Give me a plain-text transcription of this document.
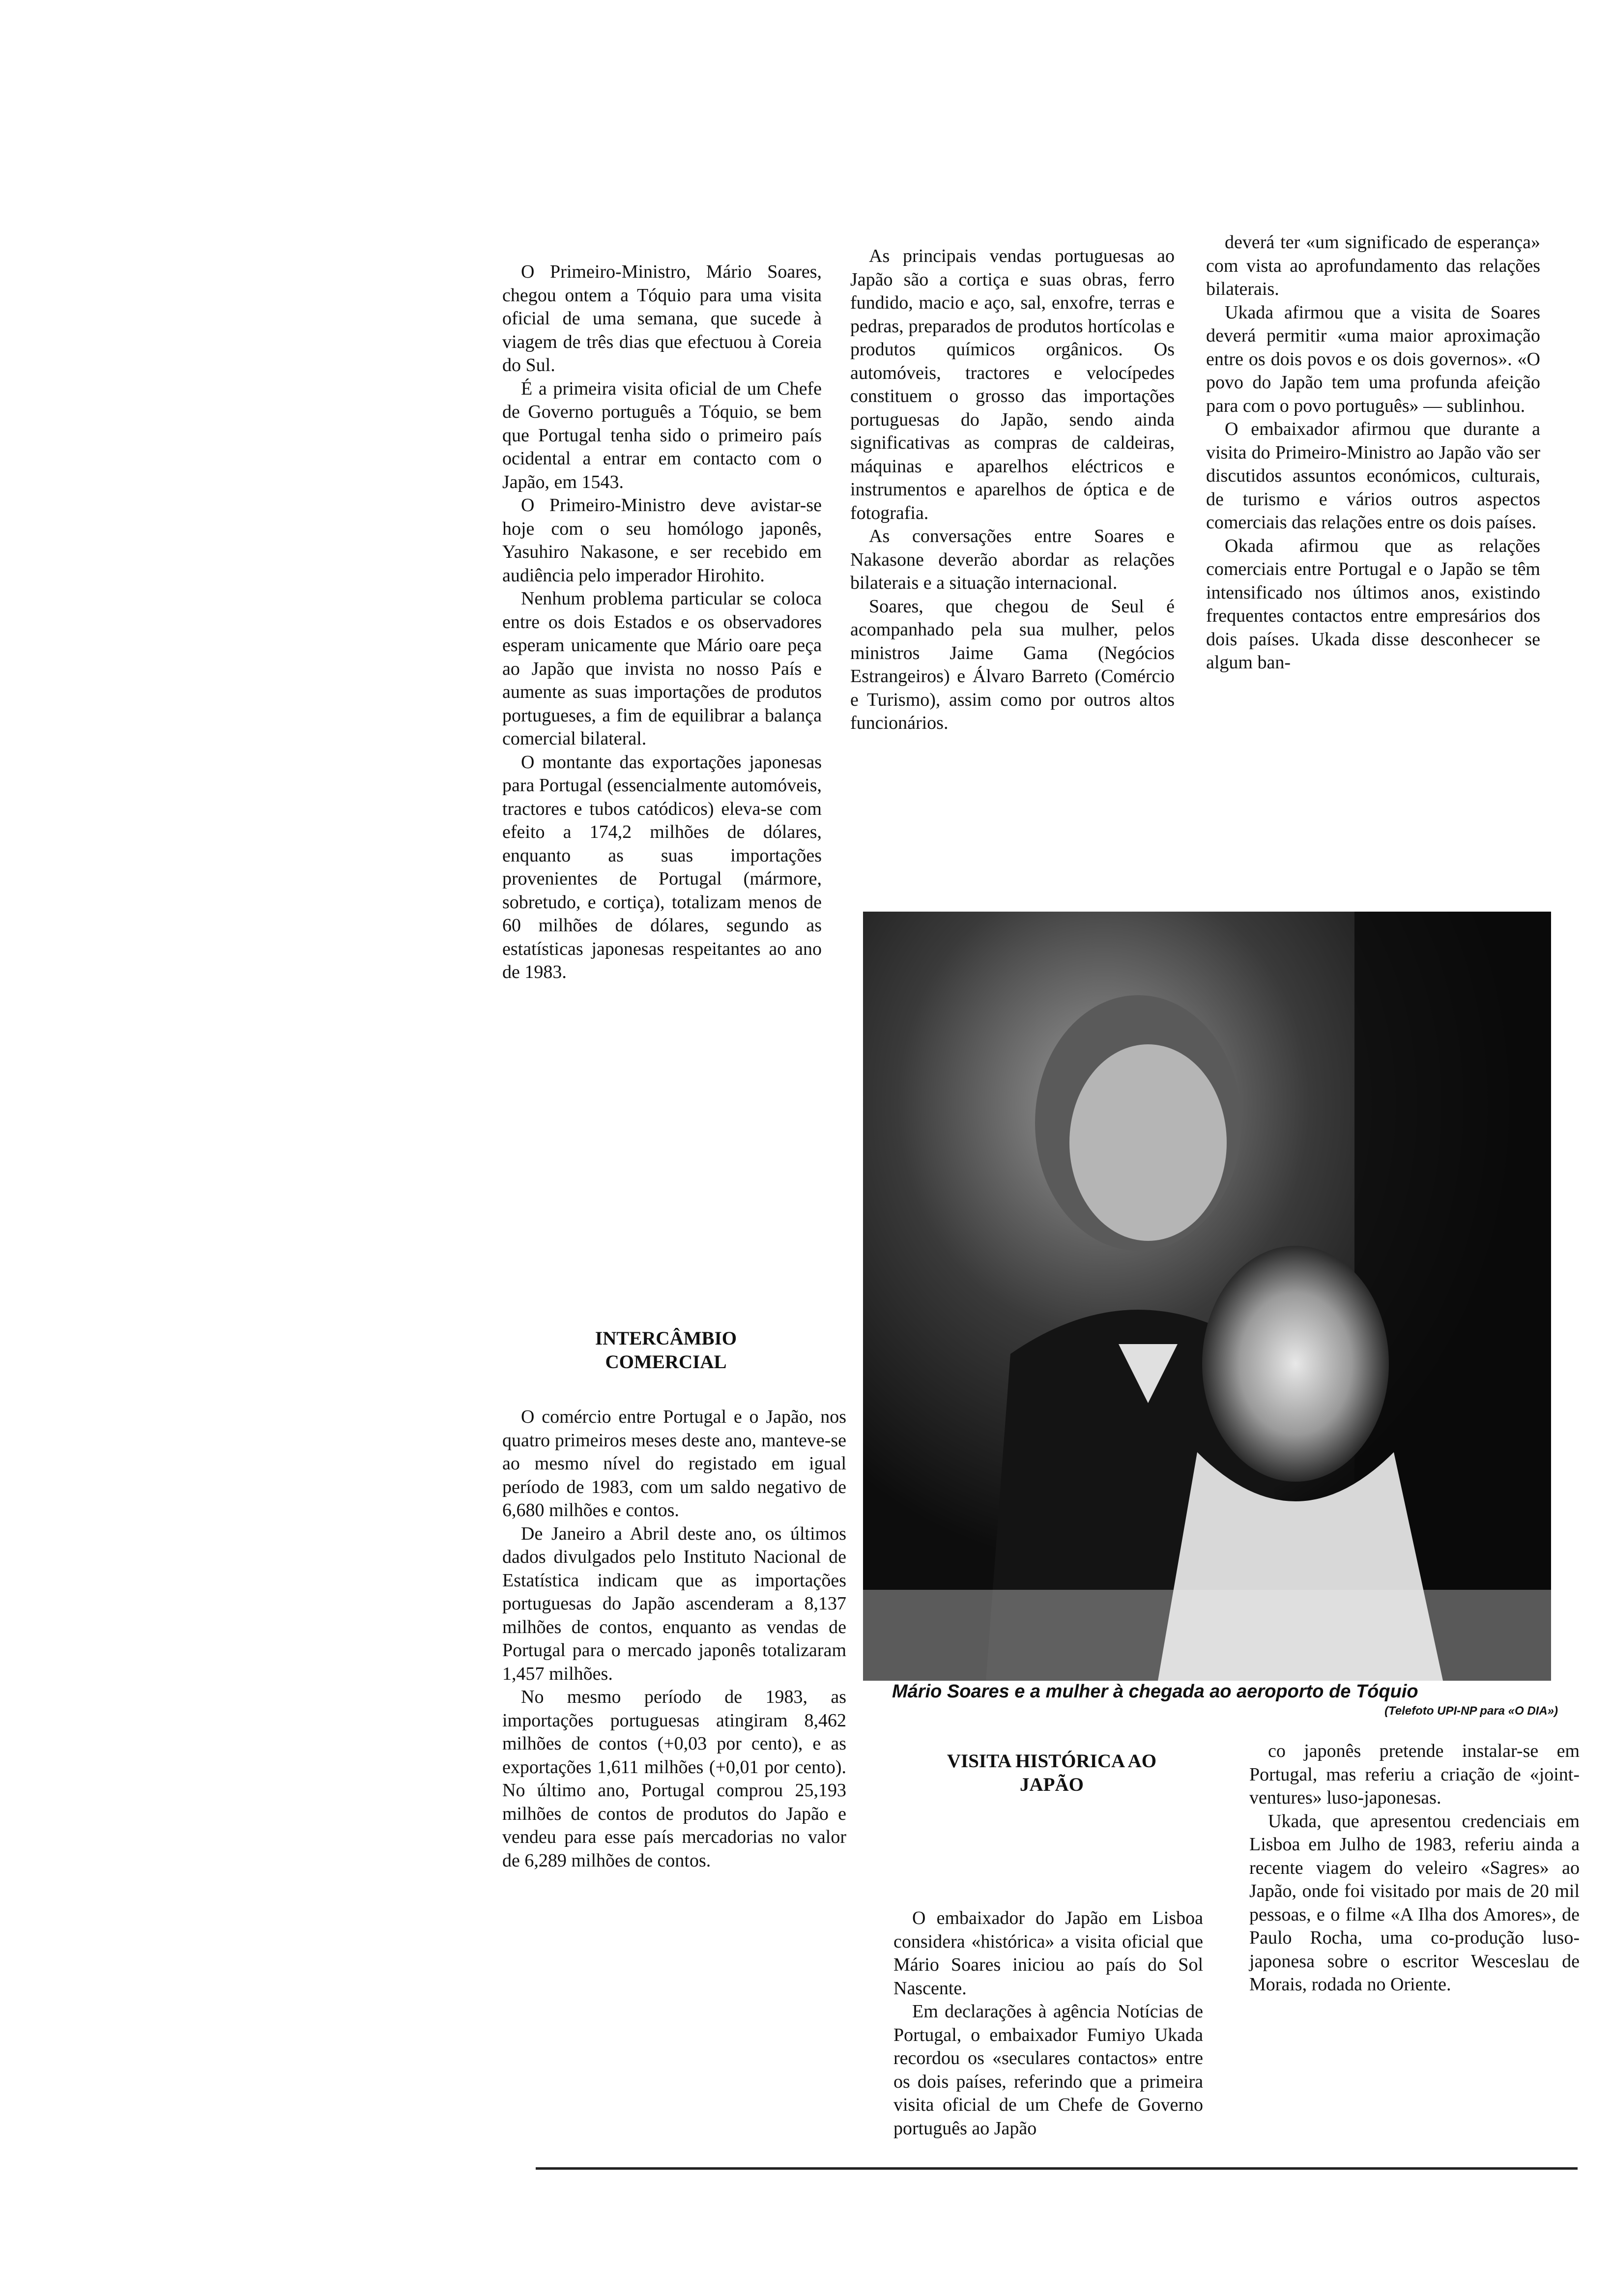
O Primeiro-Ministro, Mário Soares, chegou ontem a Tóquio para uma visita oficial de uma semana, que sucede à viagem de três dias que efectuou à Coreia do Sul.

É a primeira visita oficial de um Chefe de Governo português a Tóquio, se bem que Portugal tenha sido o primeiro país ocidental a entrar em contacto com o Japão, em 1543.

O Primeiro-Ministro deve avistar-se hoje com o seu homólogo japonês, Yasuhiro Nakasone, e ser recebido em audiência pelo imperador Hirohito.

Nenhum problema particular se coloca entre os dois Estados e os observadores esperam unicamente que Mário oare peça ao Japão que invista no nosso País e aumente as suas importações de produtos portugueses, a fim de equilibrar a balança comercial bilateral.

O montante das exportações japonesas para Portugal (essencialmente automóveis, tractores e tubos catódicos) eleva-se com efeito a 174,2 milhões de dólares, enquanto as suas importações provenientes de Portugal (mármore, sobretudo, e cortiça), totalizam menos de 60 milhões de dólares, segundo as estatísticas japonesas respeitantes ao ano de 1983.

INTERCÂMBIO COMERCIAL

O comércio entre Portugal e o Japão, nos quatro primeiros meses deste ano, manteve-se ao mesmo nível do registado em igual período de 1983, com um saldo negativo de 6,680 milhões e contos.

De Janeiro a Abril deste ano, os últimos dados divulgados pelo Instituto Nacional de Estatística indicam que as importações portuguesas do Japão ascenderam a 8,137 milhões de contos, enquanto as vendas de Portugal para o mercado japonês totalizaram 1,457 milhões.

No mesmo período de 1983, as importações portuguesas atingiram 8,462 milhões de contos (+0,03 por cento), e as exportações 1,611 milhões (+0,01 por cento). No último ano, Portugal comprou 25,193 milhões de contos de produtos do Japão e vendeu para esse país mercadorias no valor de 6,289 milhões de contos.

As principais vendas portuguesas ao Japão são a cortiça e suas obras, ferro fundido, macio e aço, sal, enxofre, terras e pedras, preparados de produtos hortícolas e produtos químicos orgânicos. Os automóveis, tractores e velocípedes constituem o grosso das importações portuguesas do Japão, sendo ainda significativas as compras de caldeiras, máquinas e aparelhos eléctricos e instrumentos e aparelhos de óptica e de fotografia.

As conversações entre Soares e Nakasone deverão abordar as relações bilaterais e a situação internacional.

Soares, que chegou de Seul é acompanhado pela sua mulher, pelos ministros Jaime Gama (Negócios Estrangeiros) e Álvaro Barreto (Comércio e Turismo), assim como por outros altos funcionários.

deverá ter «um significado de esperança» com vista ao aprofundamento das relações bilaterais.

Ukada afirmou que a visita de Soares deverá permitir «uma maior aproximação entre os dois povos e os dois governos». «O povo do Japão tem uma profunda afeição para com o povo português» — sublinhou.

O embaixador afirmou que durante a visita do Primeiro-Ministro ao Japão vão ser discutidos assuntos económicos, culturais, de turismo e vários outros aspectos comerciais das relações entre os dois países.

Okada afirmou que as relações comerciais entre Portugal e o Japão se têm intensificado nos últimos anos, existindo frequentes contactos entre empresários dos dois países. Ukada disse desconhecer se algum ban-

Mário Soares e a mulher à chegada ao aeroporto de Tóquio
(Telefoto UPI-NP para «O DIA»)
VISITA HISTÓRICA AO JAPÃO

O embaixador do Japão em Lisboa considera «histórica» a visita oficial que Mário Soares iniciou ao país do Sol Nascente.

Em declarações à agência Notícias de Portugal, o embaixador Fumiyo Ukada recordou os «seculares contactos» entre os dois países, referindo que a primeira visita oficial de um Chefe de Governo português ao Japão

co japonês pretende instalar-se em Portugal, mas referiu a criação de «joint-ventures» luso-japonesas.

Ukada, que apresentou credenciais em Lisboa em Julho de 1983, referiu ainda a recente viagem do veleiro «Sagres» ao Japão, onde foi visitado por mais de 20 mil pessoas, e o filme «A Ilha dos Amores», de Paulo Rocha, uma co-produção luso-japonesa sobre o escritor Wesceslau de Morais, rodada no Oriente.
